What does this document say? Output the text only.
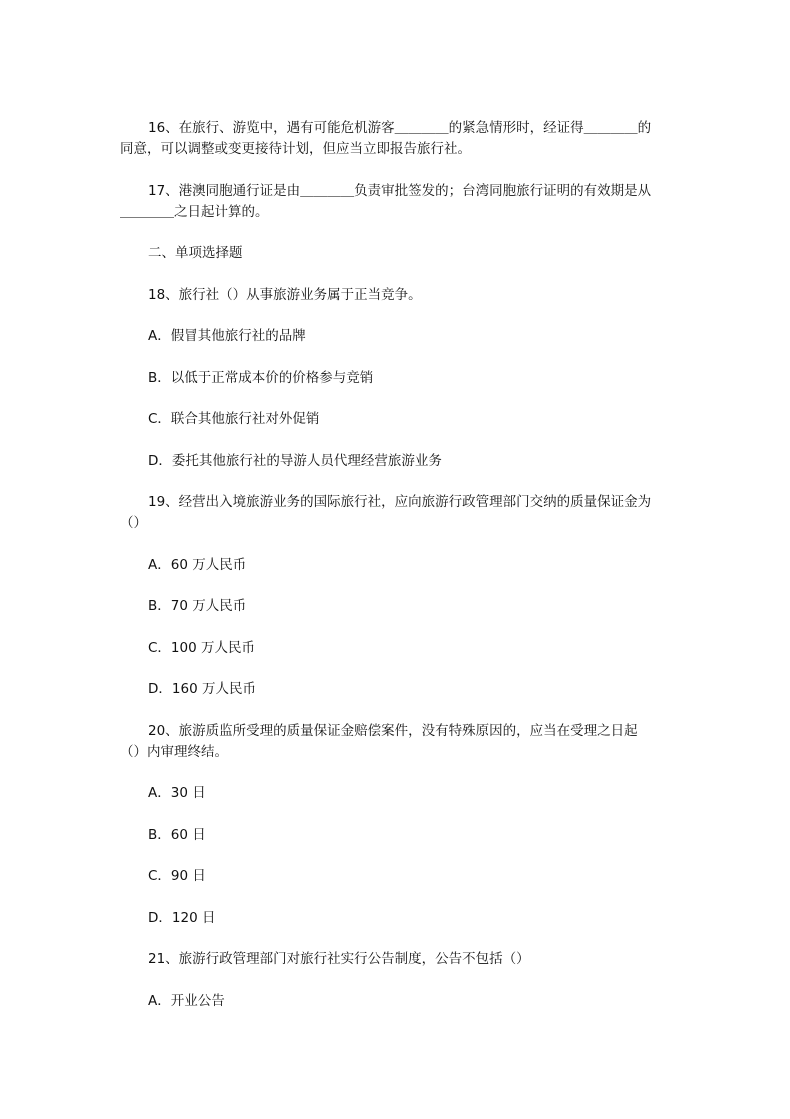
16、在旅行、游览中，遇有可能危机游客＿＿＿＿的紧急情形时，经证得＿＿＿＿的
同意，可以调整或变更接待计划，但应当立即报告旅行社。
17、港澳同胞通行证是由＿＿＿＿负责审批签发的；台湾同胞旅行证明的有效期是从
＿＿＿＿之日起计算的。
二、单项选择题
18、旅行社（）从事旅游业务属于正当竞争。
A．假冒其他旅行社的品牌
B．以低于正常成本价的价格参与竞销
C．联合其他旅行社对外促销
D．委托其他旅行社的导游人员代理经营旅游业务
19、经营出入境旅游业务的国际旅行社，应向旅游行政管理部门交纳的质量保证金为
（）
A．60 万人民币
B．70 万人民币
C．100 万人民币
D．160 万人民币
20、旅游质监所受理的质量保证金赔偿案件，没有特殊原因的，应当在受理之日起
（）内审理终结。
A．30 日
B．60 日
C．90 日
D．120 日
21、旅游行政管理部门对旅行社实行公告制度，公告不包括（）
A．开业公告
